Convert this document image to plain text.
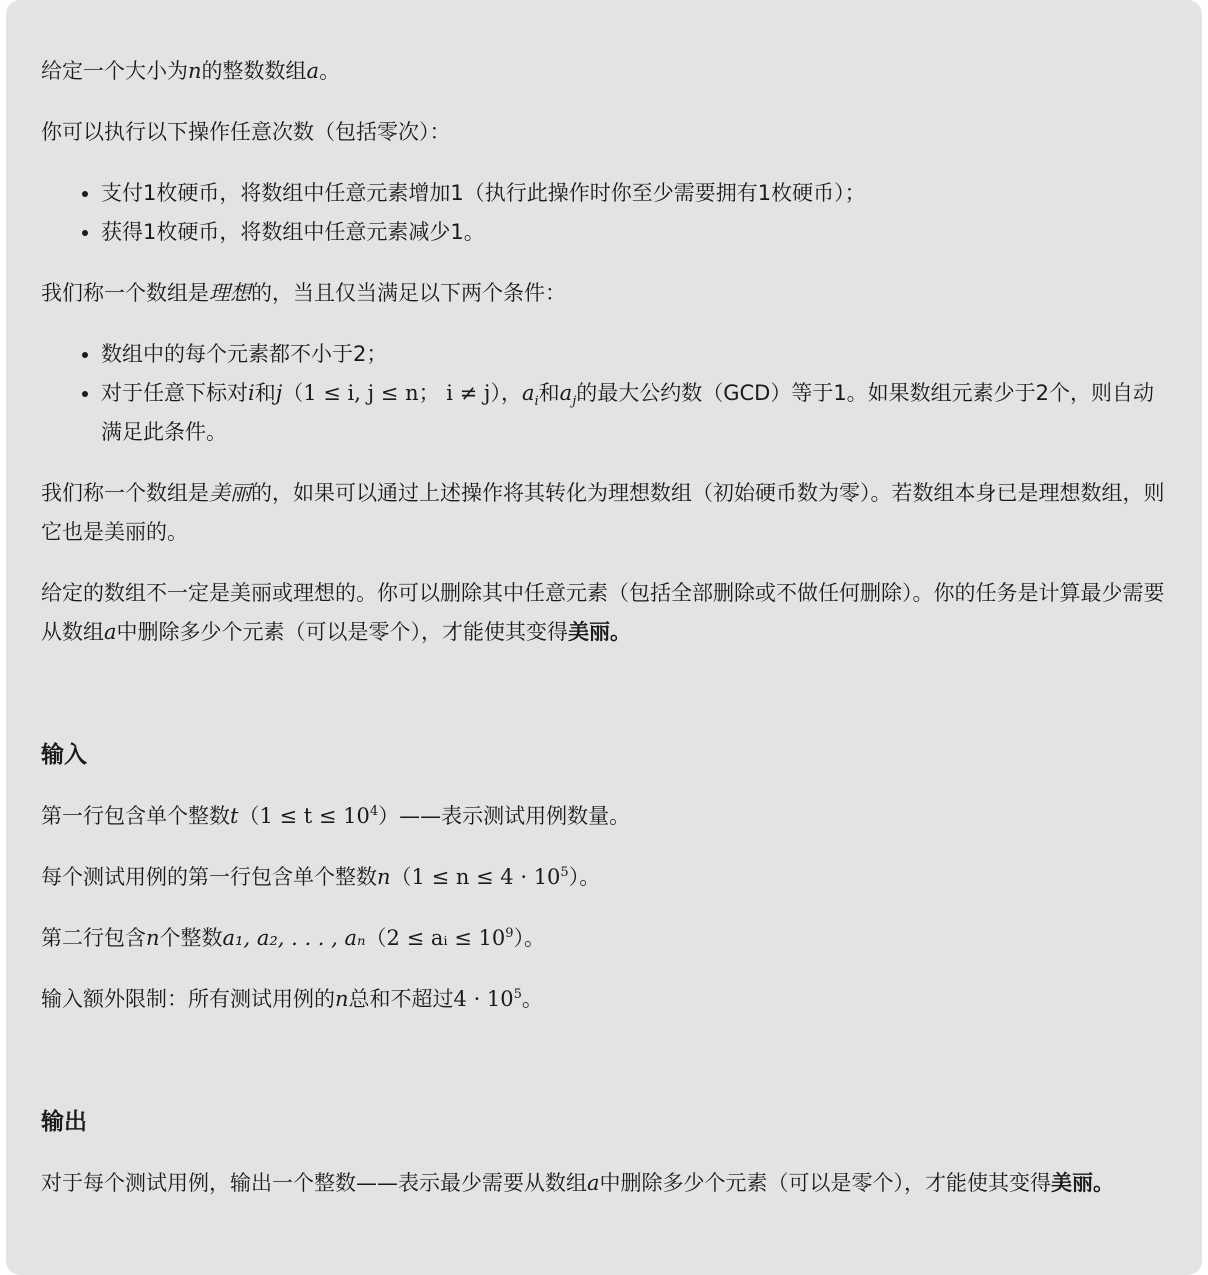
给定一个大小为n的整数数组a。

你可以执行以下操作任意次数（包括零次）：

• 支付1枚硬币，将数组中任意元素增加1（执行此操作时你至少需要拥有1枚硬币）；
• 获得1枚硬币，将数组中任意元素减少1。

我们称一个数组是理想的，当且仅当满足以下两个条件：

• 数组中的每个元素都不小于2；
• 对于任意下标对i和j（1 ≤ i, j ≤ n； i ≠ j），$a_i$和$a_j$的最大公约数（GCD）等于1。如果数组元素少于2个，则自动满足此条件。

我们称一个数组是美丽的，如果可以通过上述操作将其转化为理想数组（初始硬币数为零）。若数组本身已是理想数组，则它也是美丽的。

给定的数组不一定是美丽或理想的。你可以删除其中任意元素（包括全部删除或不做任何删除）。你的任务是计算最少需要从数组a中删除多少个元素（可以是零个），才能使其变得美丽。

输入

第一行包含单个整数$t(1 \le t \le 10^4)——$表示测试用例数量。

每个测试用例的第一行包含单个整数$n(1 \le n \le 4 \cdot 10^5)$。

第二行包含n个整数a₁, a₂, . . . , aₙ（2 ≤ aᵢ ≤ $10^9$）。

输入额外限制：所有测试用例的n总和不超过$4 \cdot 10^5$。

输出

对于每个测试用例，输出一个整数——表示最少需要从数组a中删除多少个元素（可以是零个），才能使其变得美丽。
